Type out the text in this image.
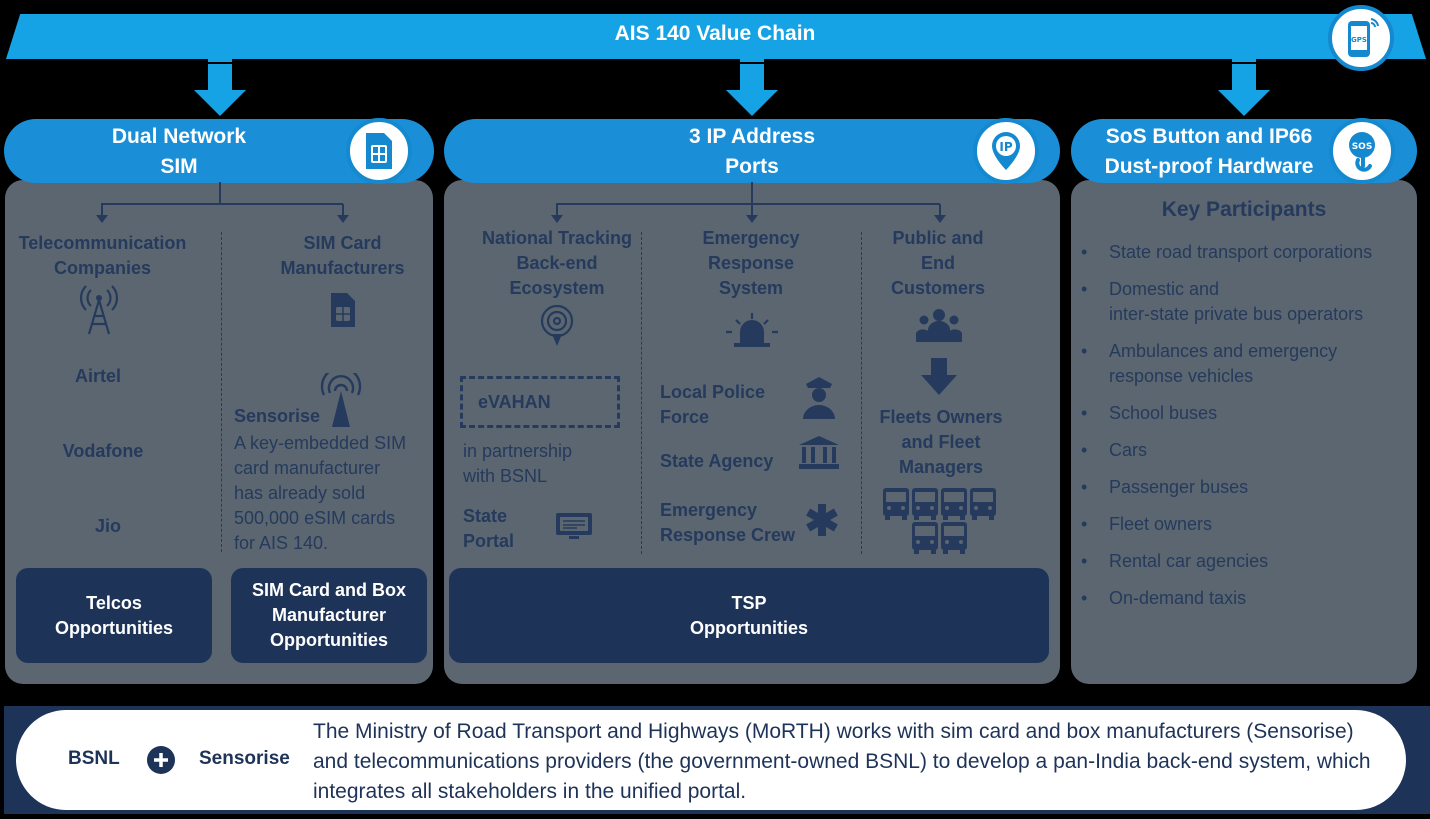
AIS 140 Value Chain	GPS
Dual Network
SIM
Telecommunication
Companies
Airtel
Vodafone
Jio
Telcos
Opportunities
SIM Card
Manufacturers
Sensorise
A key-embedded SIM
card manufacturer
has already sold
500,000 eSIM cards
for AIS 140.
SIM Card and Box
Manufacturer
Opportunities
3 IP Address
Ports
IP
National Tracking
Back-end
Ecosystem
eVAHAN
in partnership
with BSNL
State
Portal
Emergency
Response
System
Local Police
Force
State Agency
Emergency
Response Crew
Public and
End
Customers
Fleets Owners
and Fleet
Managers
TSP
Opportunities
SoS Button and IP66
Dust-proof Hardware
SOS
Key Participants
• State road transport corporations
• Domestic and
inter-state private bus operators
• Ambulances and emergency response vehicles
• School buses
• Cars
• Passenger buses
• Fleet owners
• Rental car agencies
• On-demand taxis
BSNL	Sensorise
The Ministry of Road Transport and Highways (MoRTH) works with sim card and box manufacturers (Sensorise) and telecommunications providers (the government-owned BSNL) to develop a pan-India back-end system, which integrates all stakeholders in the unified portal.
